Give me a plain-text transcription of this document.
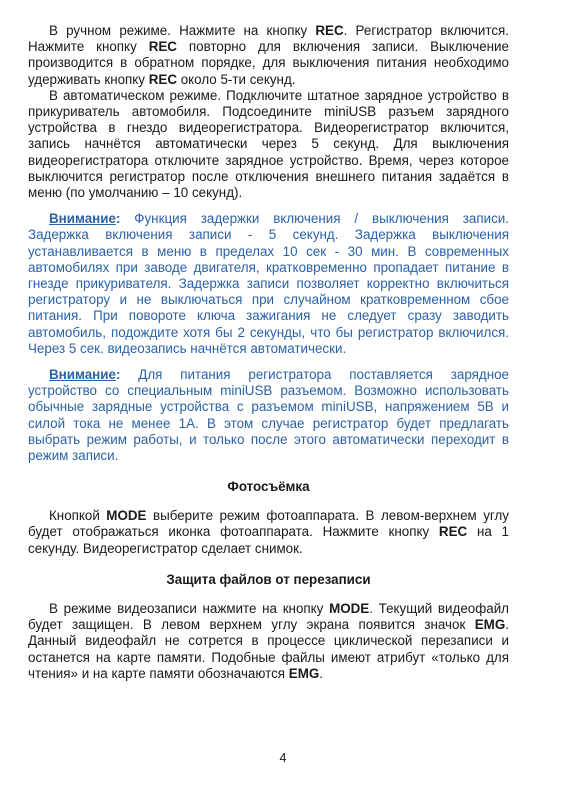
В ручном режиме. Нажмите на кнопку REC. Регистратор включится. Нажмите кнопку REC повторно для включения записи. Выключение производится в обратном порядке, для выключения питания необходимо удерживать кнопку REC около 5-ти секунд.

В автоматическом режиме. Подключите штатное зарядное устройство в прикуриватель автомобиля. Подсоедините miniUSB разъем зарядного устройства в гнездо видеорегистратора. Видеорегистратор включится, запись начнётся автоматически через 5 секунд. Для выключения видеорегистратора отключите зарядное устройство. Время, через которое выключится регистратор после отключения внешнего питания задаётся в меню (по умолчанию – 10 секунд).

Внимание: Функция задержки включения / выключения записи. Задержка включения записи - 5 секунд. Задержка выключения устанавливается в меню в пределах 10 сек - 30 мин. В современных автомобилях при заводе двигателя, кратковременно пропадает питание в гнезде прикуривателя. Задержка записи позволяет корректно включиться регистратору и не выключаться при случайном кратковременном сбое питания. При повороте ключа зажигания не следует сразу заводить автомобиль, подождите хотя бы 2 секунды, что бы регистратор включился. Через 5 сек. видеозапись начнётся автоматически.

Внимание: Для питания регистратора поставляется зарядное устройство со специальным miniUSB разъемом. Возможно использовать обычные зарядные устройства с разъемом miniUSB, напряжением 5В и силой тока не менее 1А. В этом случае регистратор будет предлагать выбрать режим работы, и только после этого автоматически переходит в режим записи.

Фотосъёмка

Кнопкой MODE выберите режим фотоаппарата. В левом-верхнем углу будет отображаться иконка фотоаппарата. Нажмите кнопку REC на 1 секунду. Видеорегистратор сделает снимок.

Защита файлов от перезаписи

В режиме видеозаписи нажмите на кнопку MODE. Текущий видеофайл будет защищен. В левом верхнем углу экрана появится значок EMG. Данный видеофайл не сотрется в процессе циклической перезаписи и останется на карте памяти. Подобные файлы имеют атрибут «только для чтения» и на карте памяти обозначаются EMG.

4
